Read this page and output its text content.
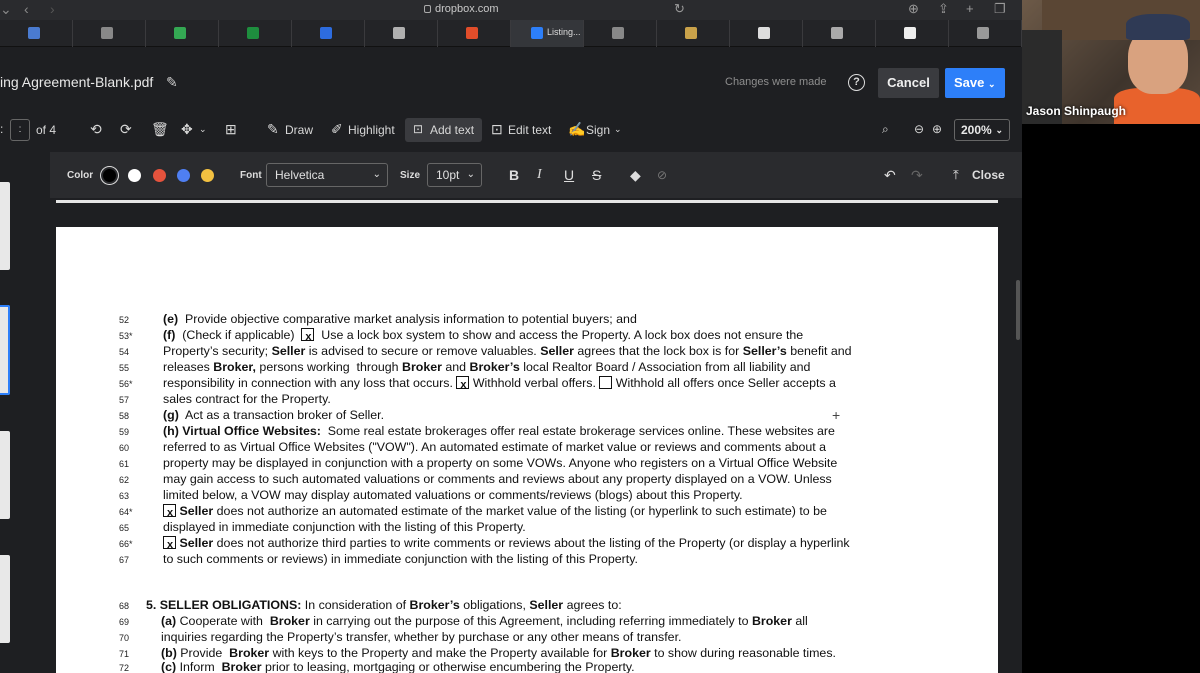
⌄ ‹ ›	dropbox.com	↻	⊕ ⇪ + ❐
Listing...
ing Agreement-Blank.pdf ✎	Changes were made	?	Cancel	Save ⌄
:	:	of 4 ⟲ ⟳ 🗑 ✥ ⌄ ⊞ ✎ Draw ✐ Highlight ⊡ Add text ⊡ Edit text ✍ Sign ⌄	⌕ ⊖ ⊕	200% ⌄
Color	Font	Helvetica	⌄ Size	10pt ⌄ B I U S ◆ ⊘	↶ ↷ ⤒ Close
52	(e)  Provide objective comparative market analysis information to potential buyers; and
53* (f)  (Check if applicable)  x  Use a lock box system to show and access the Property. A lock box does not ensure the
54	Property’s security; Seller is advised to secure or remove valuables. Seller agrees that the lock box is for Seller’s benefit and
55	releases Broker, persons working  through Broker and Broker’s local Realtor Board / Association from all liability and
56* responsibility in connection with any loss that occurs. x Withhold verbal offers.  Withhold all offers once Seller accepts a
57	sales contract for the Property.
58	(g)  Act as a transaction broker of Seller.
59	(h) Virtual Office Websites:  Some real estate brokerages offer real estate brokerage services online. These websites are
60	referred to as Virtual Office Websites ("VOW"). An automated estimate of market value or reviews and comments about a
61	property may be displayed in conjunction with a property on some VOWs. Anyone who registers on a Virtual Office Website
62	may gain access to such automated valuations or comments and reviews about any property displayed on a VOW. Unless
63	limited below, a VOW may display automated valuations or comments/reviews (blogs) about this Property.
64* x	Seller does not authorize an automated estimate of the market value of the listing (or hyperlink to such estimate) to be
65	displayed in immediate conjunction with the listing of this Property.
66* x	Seller does not authorize third parties to write comments or reviews about the listing of the Property (or display a hyperlink
67	to such comments or reviews) in immediate conjunction with the listing of this Property.
68 5. SELLER OBLIGATIONS: In consideration of Broker’s obligations, Seller agrees to:
69	(a) Cooperate with  Broker in carrying out the purpose of this Agreement, including referring immediately to Broker all
70	inquiries regarding the Property’s transfer, whether by purchase or any other means of transfer.
71	(b) Provide  Broker with keys to the Property and make the Property available for Broker to show during reasonable times.
72	(c) Inform  Broker prior to leasing, mortgaging or otherwise encumbering the Property.
+
Jason Shinpaugh
